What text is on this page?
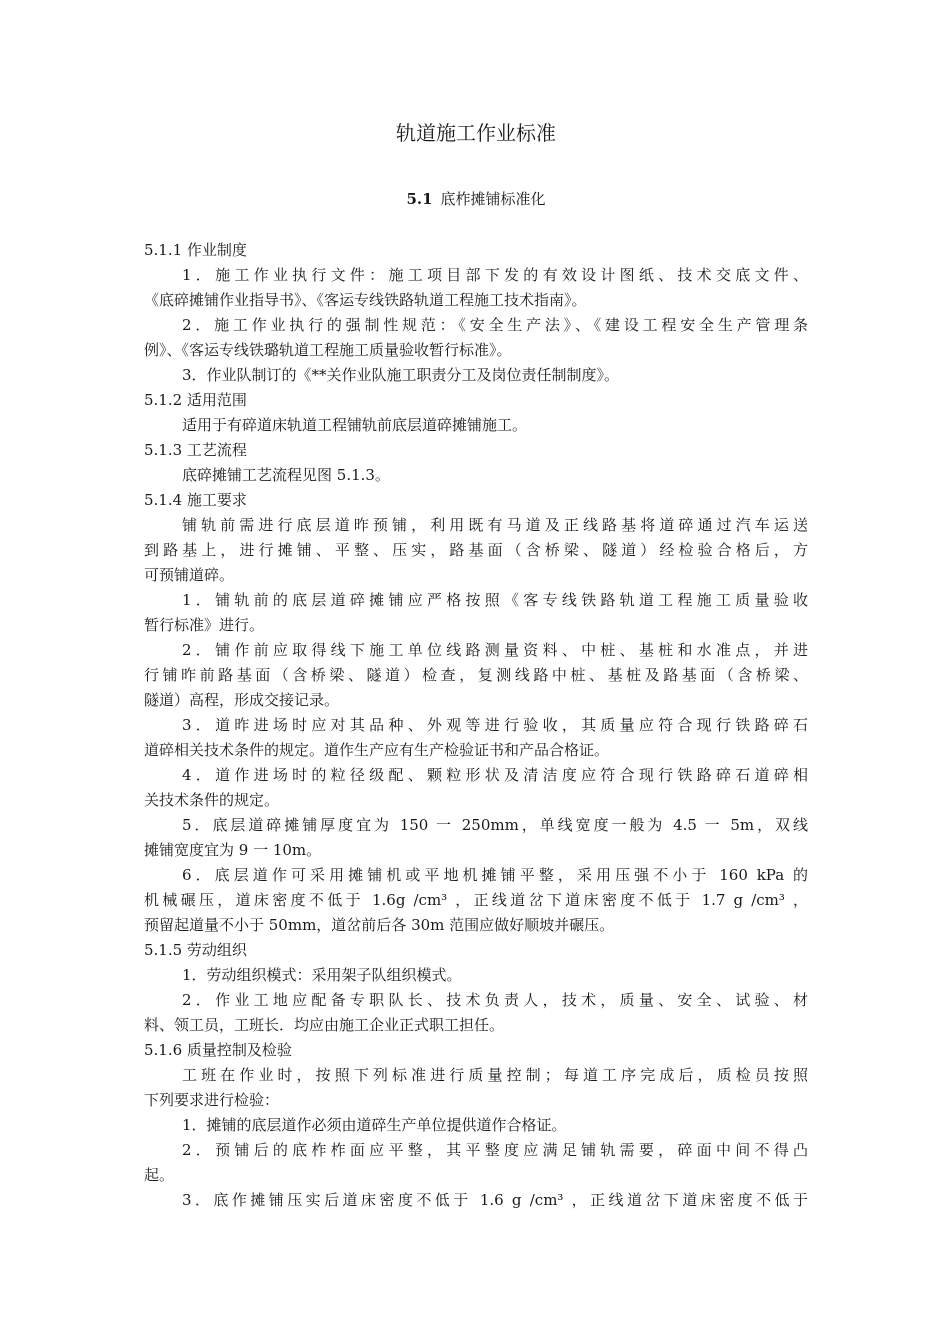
轨道施工作业标准
5.1 底柞摊铺标准化
5.1.1 作业制度
1．施工作业执行文件：施工项目部下发的有效设计图纸、技术交底文件、
《底碎摊铺作业指导书》、《客运专线铁路轨道工程施工技术指南》。
2．施工作业执行的强制性规范：《安全生产法》、《建设工程安全生产管理条
例》、《客运专线铁璐轨道工程施工质量验收暂行标准》。
3．作业队制订的《**关作业队施工职责分工及岗位责任制制度》。
5.1.2 适用范围
适用于有碎道床轨道工程铺轨前底层道碎摊铺施工。
5.1.3 工艺流程
底碎摊铺工艺流程见图 5.1.3。
5.1.4 施工要求
铺轨前需进行底层道昨预铺，利用既有马道及正线路基将道碎通过汽车运送
到路基上，进行摊铺、平整、压实，路基面（含桥梁、隧道）经检验合格后，方
可预铺道碎。
1．铺轨前的底层道碎摊铺应严格按照《客专线铁路轨道工程施工质量验收
暂行标准》进行。
2．铺作前应取得线下施工单位线路测量资料、中桩、基桩和水准点，并进
行铺昨前路基面（含桥梁、隧道）检查，复测线路中桩、基桩及路基面（含桥梁、
隧道）高程，形成交接记录。
3．道昨进场时应对其品种、外观等进行验收，其质量应符合现行铁路碎石
道碎相关技术条件的规定。道作生产应有生产检验证书和产品合格证。
4．道作进场时的粒径级配、颗粒形状及清洁度应符合现行铁路碎石道碎相
关技术条件的规定。
5．底层道碎摊铺厚度宜为 150 一 250mm，单线宽度一般为 4.5 一 5m，双线
摊铺宽度宜为 9 一 10m。
6．底层道作可采用摊铺机或平地机摊铺平整，采用压强不小于 160 kPa 的
机械碾压，道床密度不低于 1.6g /cm³ ，正线道岔下道床密度不低于 1.7 g /cm³ ，
预留起道量不小于 50mm，道岔前后各 30m 范围应做好顺坡并碾压。
5.1.5 劳动组织
1．劳动组织模式：采用架子队组织模式。
2．作业工地应配备专职队长、技术负责人，技术，质量、安全、试验、材
料、领工员，工班长．均应由施工企业正式职工担任。
5.1.6 质量控制及检验
工班在作业时，按照下列标准进行质量控制；每道工序完成后，质检员按照
下列要求进行检验：
1．摊铺的底层道作必须由道碎生产单位提供道作合格证。
2．预铺后的底柞柞面应平整，其平整度应满足铺轨需要，碎面中间不得凸
起。
3．底作摊铺压实后道床密度不低于 1.6 g /cm³ ，正线道岔下道床密度不低于
